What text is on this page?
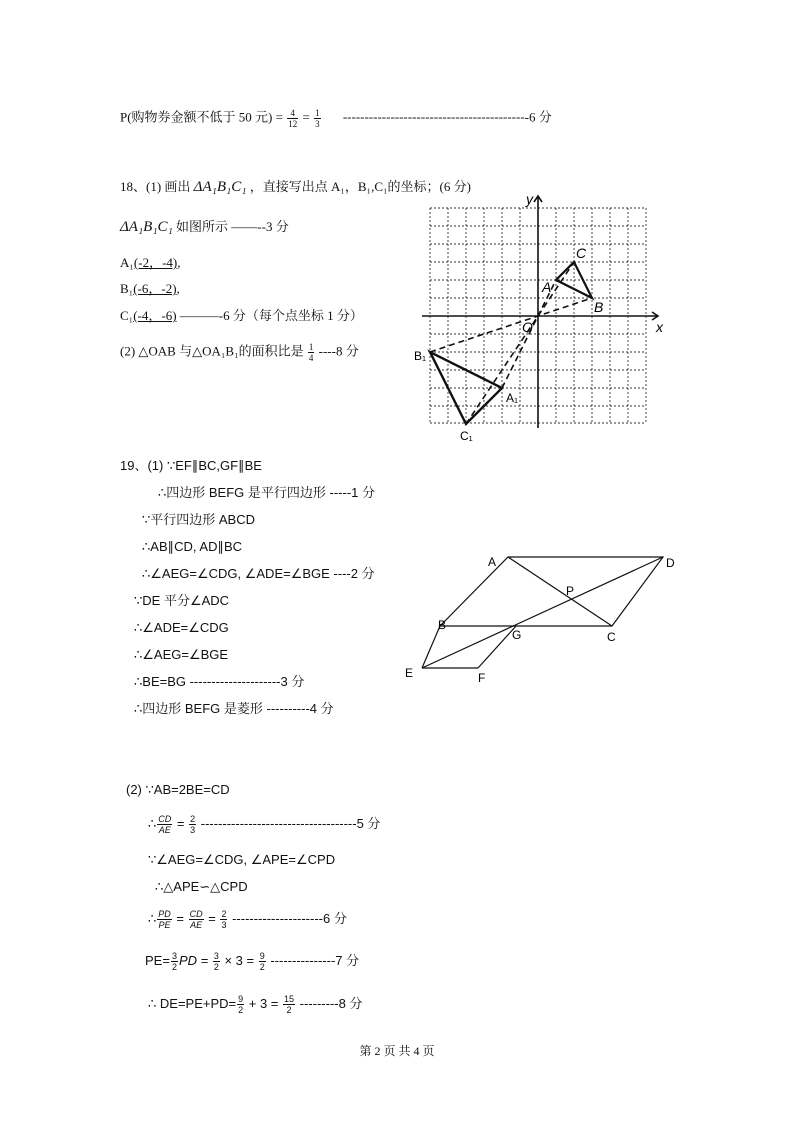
P(购物券金额不低于 50 元) = $\frac{4}{12} = \frac{1}{3} -------------------------------------------6$ 分
18、(1) 画出 ΔA₁B₁C₁ ，直接写出点 A₁，B₁,C₁的坐标；(6 分)
ΔA₁B₁C₁ 如图所示 ——--3 分
A₁(-2，-4),
B₁(-6，-2),
C₁(-4，-6) ———-6 分（每个点坐标 1 分）
(2) △OAB 与△OA₁B₁的面积比是 $\frac{1}{4} ----8$ 分
x
y
O
A
B
C
A₁
B₁
C₁
19、(1) ∵EF∥BC,GF∥BE
∴四边形 BEFG 是平行四边形 -----1 分
∵平行四边形 ABCD
∴AB∥CD, AD∥BC
∴∠AEG=∠CDG, ∠ADE=∠BGE ----2 分
∵DE 平分∠ADC
∴∠ADE=∠CDG
∴∠AEG=∠BGE
∴BE=BG ---------------------3 分
∴四边形 BEFG 是菱形 ----------4 分
A	D
P
B
G	C
E	F
(2) ∵AB=2BE=CD
∴ $\frac{CD}{AE} = \frac{2}{3} ------------------------------------5$ 分
∵∠AEG=∠CDG, ∠APE=∠CPD
∴△APE∽△CPD
∴ $\frac{PD}{PE} = \frac{CD}{AE} = \frac{2}{3} ---------------------6$ 分
$PE= \frac{3}{2}$ PD = $\frac{3}{2} \times 3 = \frac{9}{2} ---------------7$ 分
∴ $DE=PE+PD= \frac{9}{2} + 3 = \frac{15}{2} ---------8$ 分
第 2 页 共 4 页
